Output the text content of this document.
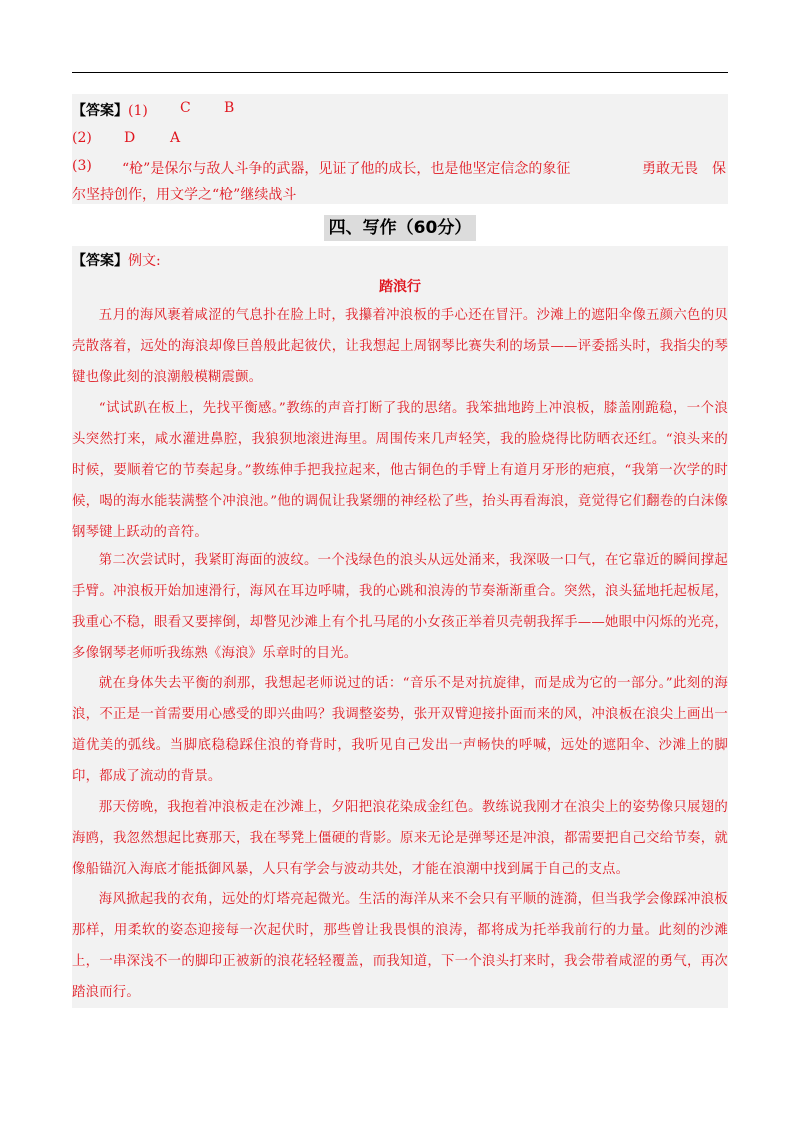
【答案】(1) C B
(2) D A
(3) “枪”是保尔与敌人斗争的武器，见证了他的成长，也是他坚定信念的象征	勇敢无畏 保
尔坚持创作，用文学之“枪”继续战斗
四、写作（60分）
【答案】例文:
踏浪行

五月的海风裹着咸涩的气息扑在脸上时，我攥着冲浪板的手心还在冒汗。沙滩上的遮阳伞像五颜六色的贝壳散落着，远处的海浪却像巨兽般此起彼伏，让我想起上周钢琴比赛失利的场景——评委摇头时，我指尖的琴键也像此刻的浪潮般模糊震颤。

“试试趴在板上，先找平衡感。”教练的声音打断了我的思绪。我笨拙地跨上冲浪板，膝盖刚跪稳，一个浪头突然打来，咸水灌进鼻腔，我狼狈地滚进海里。周围传来几声轻笑，我的脸烧得比防晒衣还红。“浪头来的时候，要顺着它的节奏起身。”教练伸手把我拉起来，他古铜色的手臂上有道月牙形的疤痕，“我第一次学的时候，喝的海水能装满整个冲浪池。”他的调侃让我紧绷的神经松了些，抬头再看海浪，竟觉得它们翻卷的白沫像钢琴键上跃动的音符。

第二次尝试时，我紧盯海面的波纹。一个浅绿色的浪头从远处涌来，我深吸一口气，在它靠近的瞬间撑起手臂。冲浪板开始加速滑行，海风在耳边呼啸，我的心跳和浪涛的节奏渐渐重合。突然，浪头猛地托起板尾，我重心不稳，眼看又要摔倒，却瞥见沙滩上有个扎马尾的小女孩正举着贝壳朝我挥手——她眼中闪烁的光亮，多像钢琴老师听我练熟《海浪》乐章时的目光。

就在身体失去平衡的刹那，我想起老师说过的话：“音乐不是对抗旋律，而是成为它的一部分。”此刻的海浪，不正是一首需要用心感受的即兴曲吗？我调整姿势，张开双臂迎接扑面而来的风，冲浪板在浪尖上画出一道优美的弧线。当脚底稳稳踩住浪的脊背时，我听见自己发出一声畅快的呼喊，远处的遮阳伞、沙滩上的脚印，都成了流动的背景。

那天傍晚，我抱着冲浪板走在沙滩上，夕阳把浪花染成金红色。教练说我刚才在浪尖上的姿势像只展翅的海鸥，我忽然想起比赛那天，我在琴凳上僵硬的背影。原来无论是弹琴还是冲浪，都需要把自己交给节奏，就像船锚沉入海底才能抵御风暴，人只有学会与波动共处，才能在浪潮中找到属于自己的支点。

海风掀起我的衣角，远处的灯塔亮起微光。生活的海洋从来不会只有平顺的涟漪，但当我学会像踩冲浪板那样，用柔软的姿态迎接每一次起伏时，那些曾让我畏惧的浪涛，都将成为托举我前行的力量。此刻的沙滩上，一串深浅不一的脚印正被新的浪花轻轻覆盖，而我知道，下一个浪头打来时，我会带着咸涩的勇气，再次踏浪而行。
